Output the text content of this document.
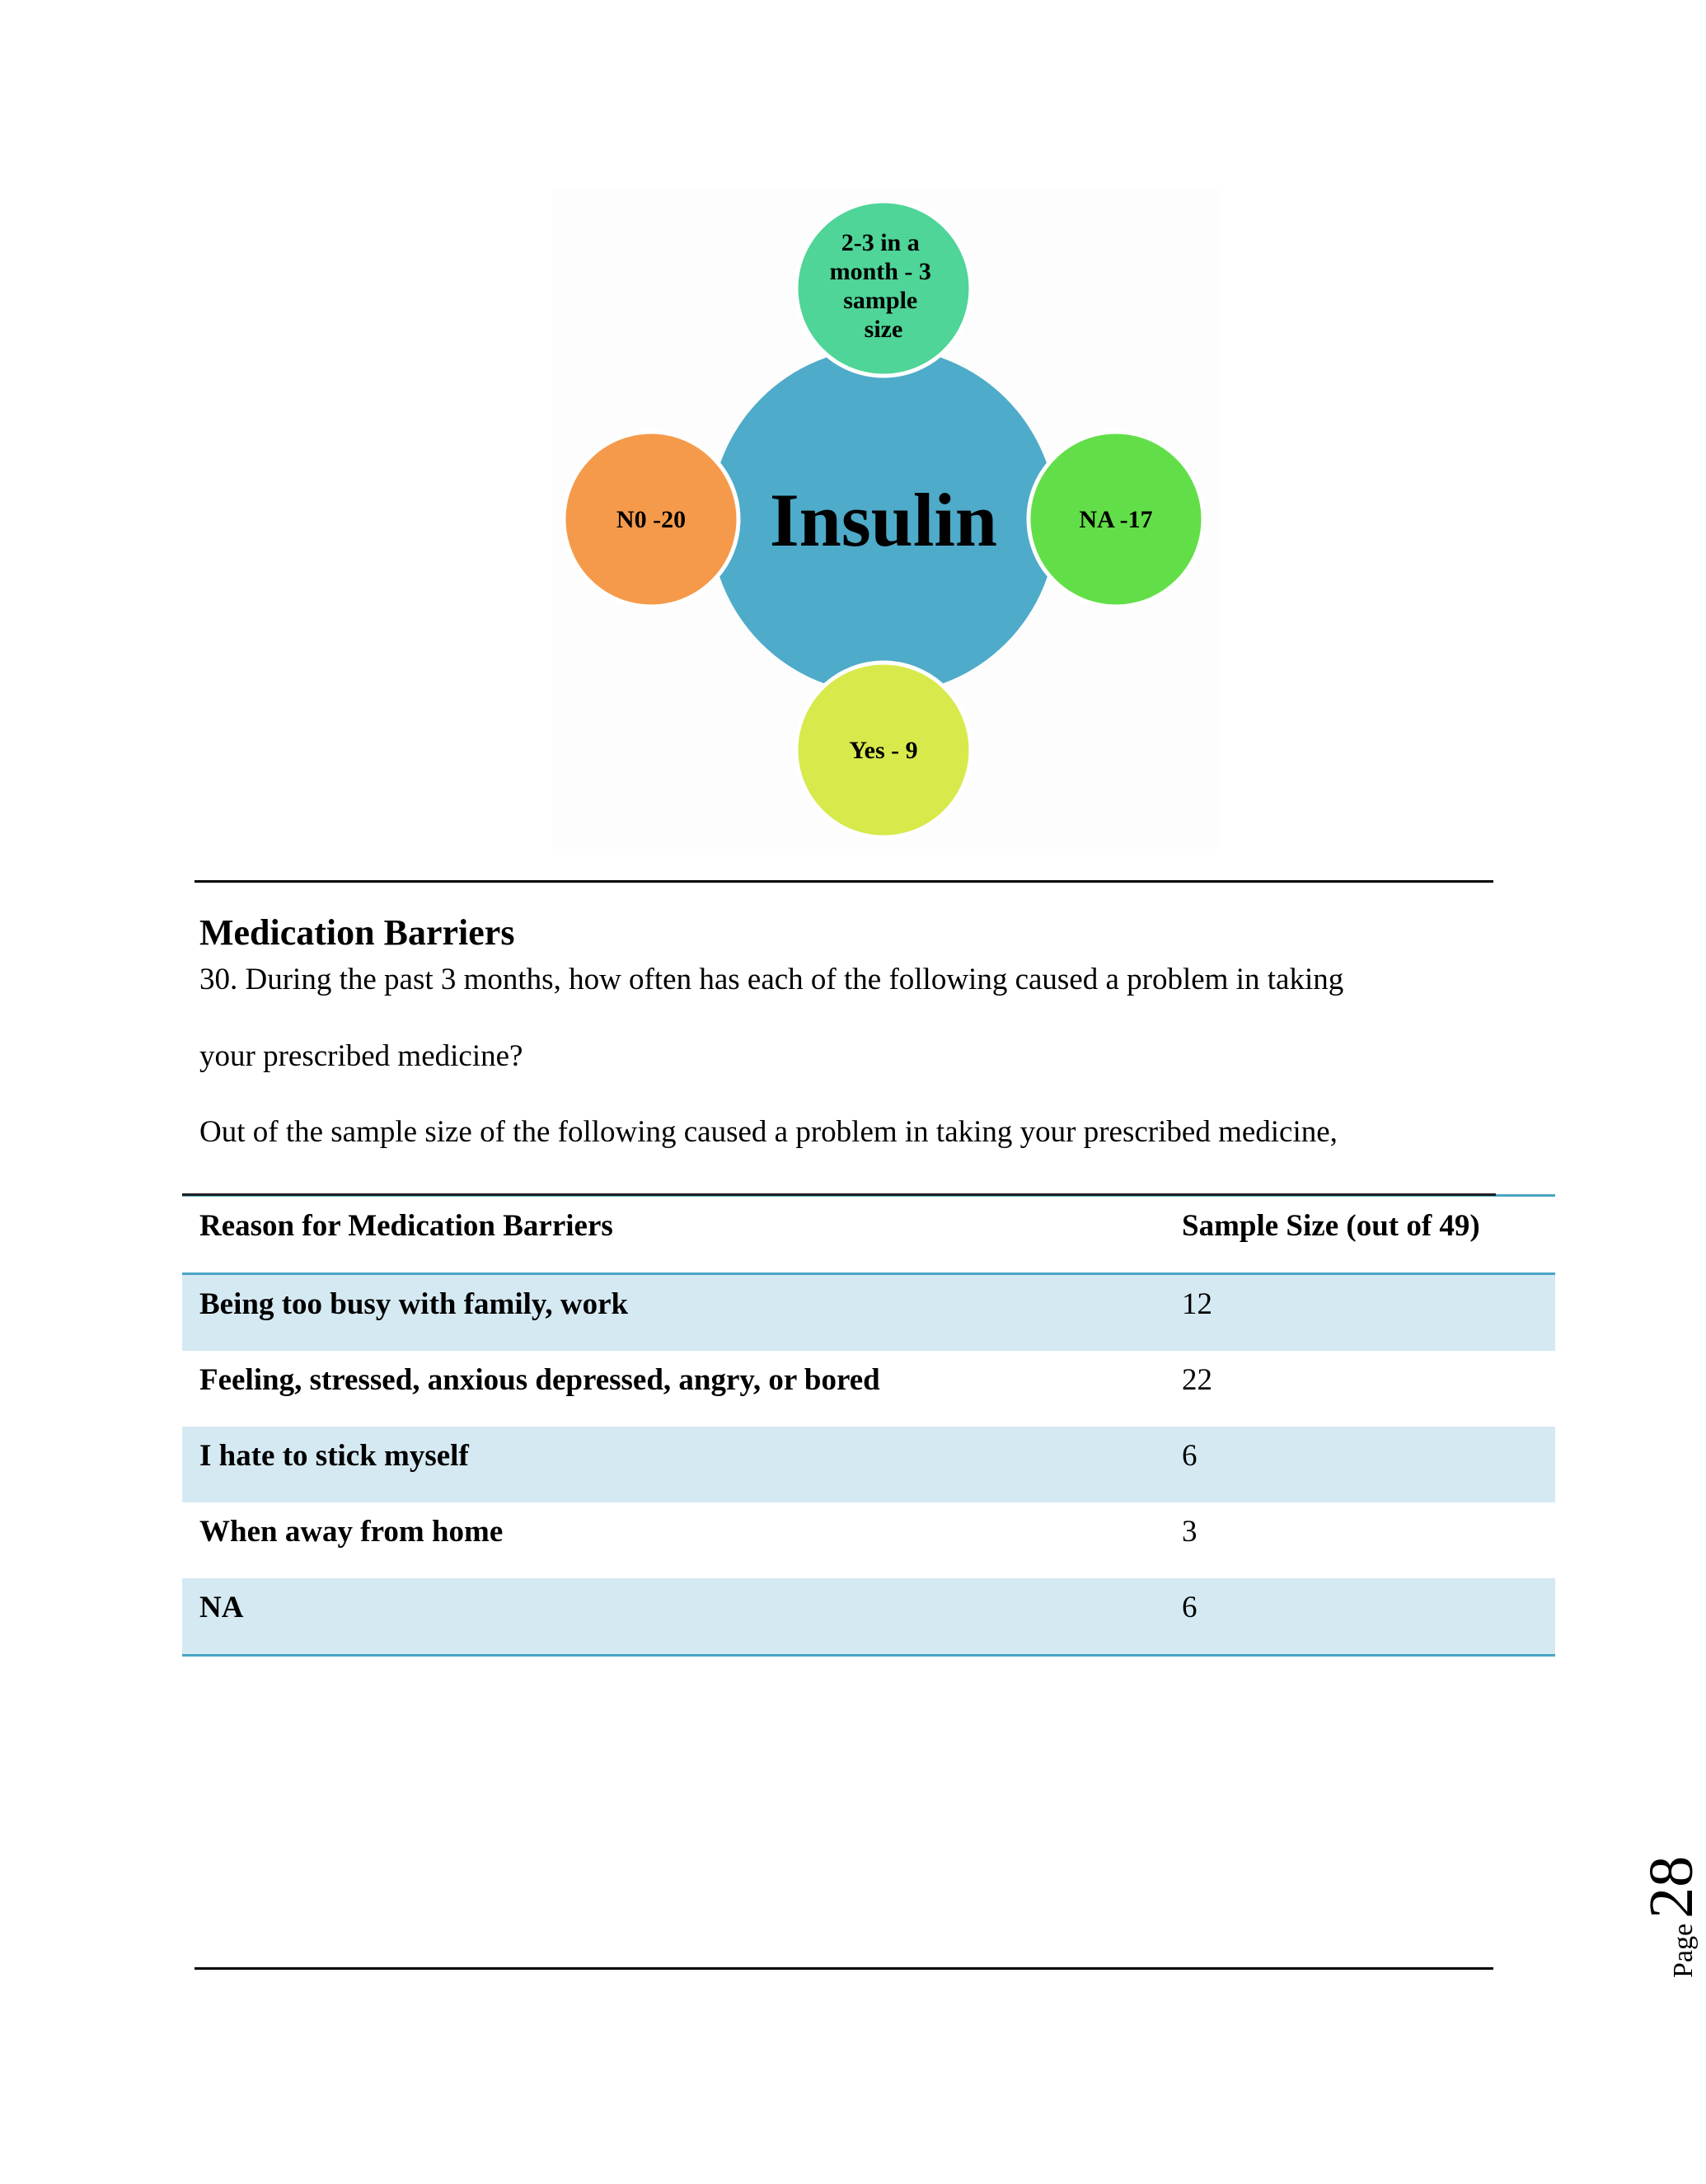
Insulin
2-3 in a month - 3 sample size
N0 -20	NA -17
Yes - 9
Medication Barriers

30. During the past 3 months, how often has each of the following caused a problem in taking

your prescribed medicine?

Out of the sample size of the following caused a problem in taking your prescribed medicine,

Reason for Medication Barriers	Sample Size (out of 49)
Being too busy with family, work	12
Feeling, stressed, anxious depressed, angry, or bored	22
I hate to stick myself	6
When away from home	3
NA	6
Page
28
